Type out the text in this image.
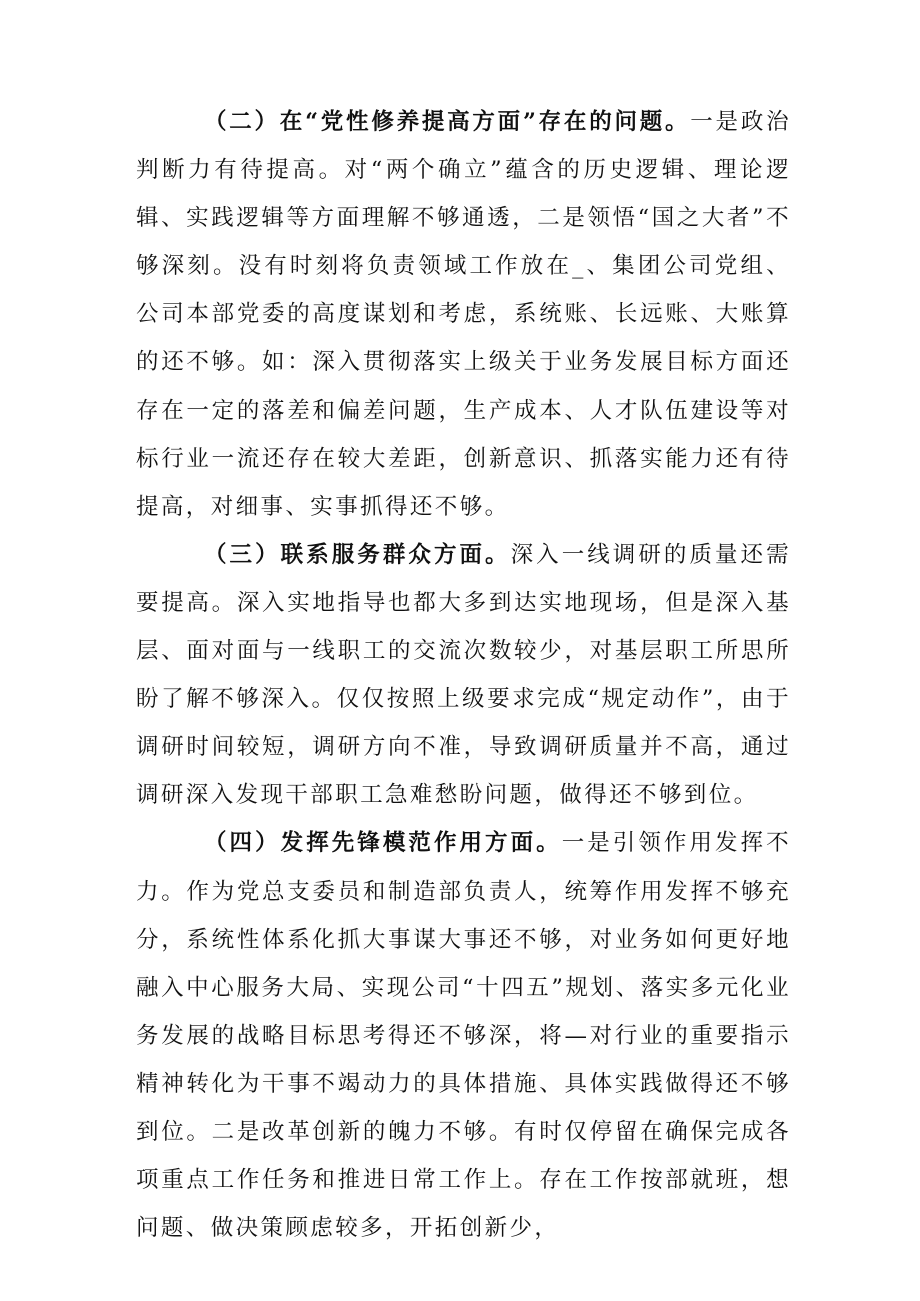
（二）在“党性修养提高方面”存在的问题。一是政治判断力有待提高。对“两个确立”蕴含的历史逻辑、理论逻辑、实践逻辑等方面理解不够通透，二是领悟“国之大者”不够深刻。没有时刻将负责领域工作放在_、集团公司党组、公司本部党委的高度谋划和考虑，系统账、长远账、大账算的还不够。如：深入贯彻落实上级关于业务发展目标方面还存在一定的落差和偏差问题，生产成本、人才队伍建设等对标行业一流还存在较大差距，创新意识、抓落实能力还有待提高，对细事、实事抓得还不够。

（三）联系服务群众方面。深入一线调研的质量还需要提高。深入实地指导也都大多到达实地现场，但是深入基层、面对面与一线职工的交流次数较少，对基层职工所思所盼了解不够深入。仅仅按照上级要求完成“规定动作”，由于调研时间较短，调研方向不准，导致调研质量并不高，通过调研深入发现干部职工急难愁盼问题，做得还不够到位。

（四）发挥先锋模范作用方面。一是引领作用发挥不力。作为党总支委员和制造部负责人，统筹作用发挥不够充分，系统性体系化抓大事谋大事还不够，对业务如何更好地融入中心服务大局、实现公司“十四五”规划、落实多元化业务发展的战略目标思考得还不够深，将—对行业的重要指示精神转化为干事不竭动力的具体措施、具体实践做得还不够到位。二是改革创新的魄力不够。有时仅停留在确保完成各项重点工作任务和推进日常工作上。存在工作按部就班，想问题、做决策顾虑较多，开拓创新少，
